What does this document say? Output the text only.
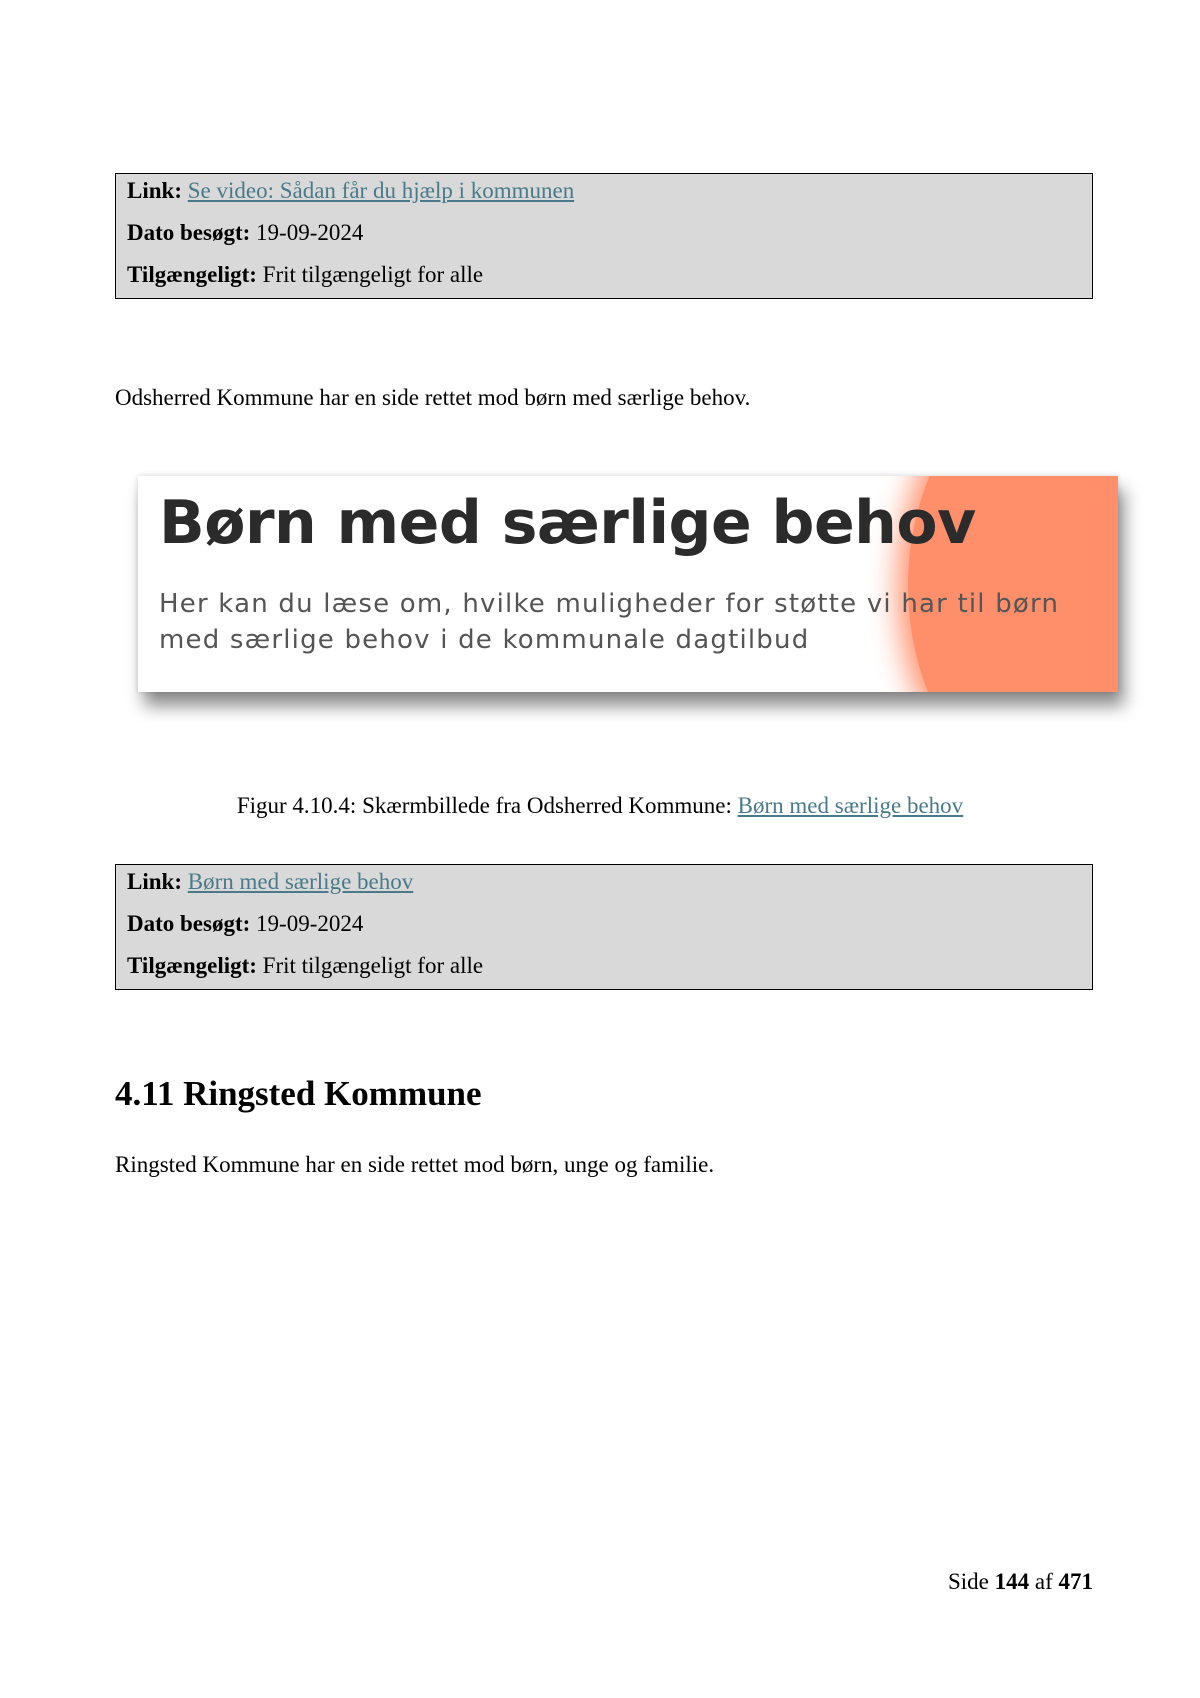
Link: Se video: Sådan får du hjælp i kommunen
Dato besøgt: 19-09-2024
Tilgængeligt: Frit tilgængeligt for alle
Odsherred Kommune har en side rettet mod børn med særlige behov.
Børn med særlige behov
Her kan du læse om, hvilke muligheder for støtte vi har til børn med særlige behov i de kommunale dagtilbud
Figur 4.10.4: Skærmbillede fra Odsherred Kommune: Børn med særlige behov
Link: Børn med særlige behov
Dato besøgt: 19-09-2024
Tilgængeligt: Frit tilgængeligt for alle
4.11 Ringsted Kommune
Ringsted Kommune har en side rettet mod børn, unge og familie.
Side 144 af 471
